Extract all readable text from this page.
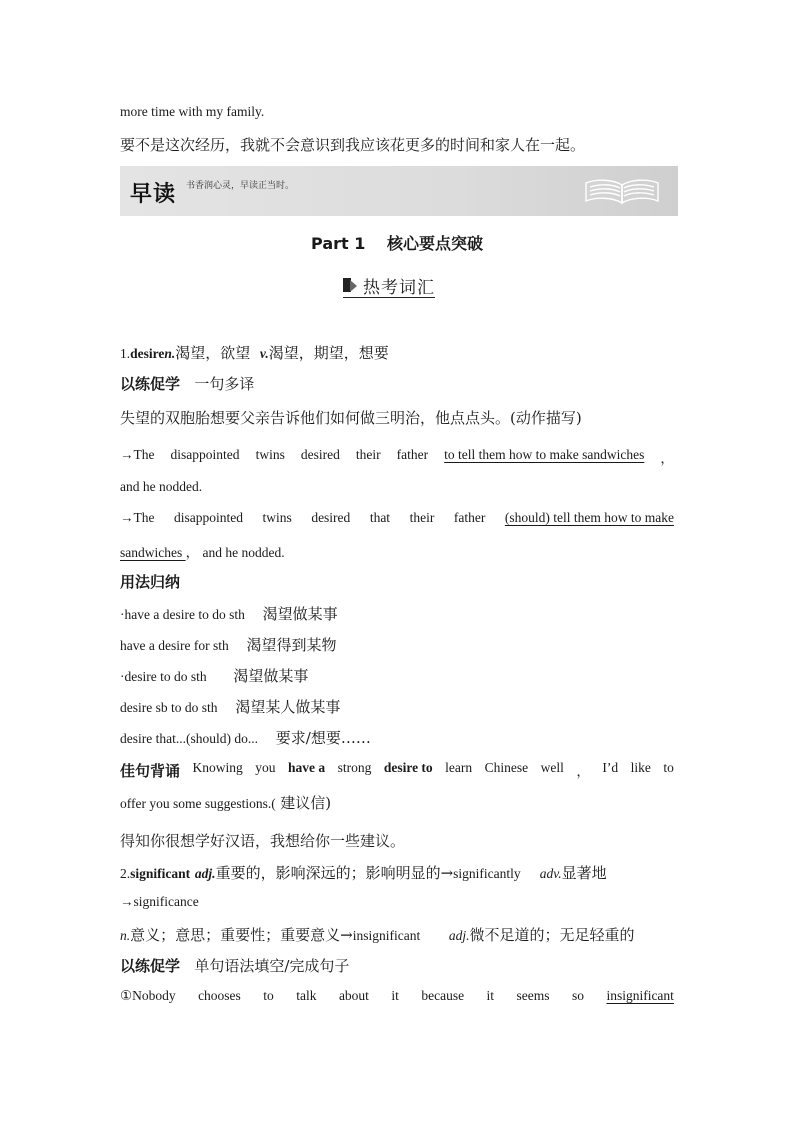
more time with my family.
要不是这次经历，我就不会意识到我应该花更多的时间和家人在一起。
早读 书香润心灵，早读正当时。
Part 1　 核心要点突破
热考词汇
1.desiren.渴望，欲望 v.渴望，期望，想要
以练促学 一句多译
失望的双胞胎想要父亲告诉他们如何做三明治，他点点头。(动作描写)
→The disappointed twins desired their father to tell them how to make sandwiches ，
and he nodded.
→The disappointed twins desired that their father (should) tell them how to make
sandwiches ， and he nodded.
用法归纳
·have a desire to do sth 渴望做某事
have a desire for sth 渴望得到某物
·desire to do sth 渴望做某事
desire sb to do sth 渴望某人做某事
desire that...(should) do... 要求/想要……
佳句背诵 Knowing you have a strong desire to learn Chinese well ， I’d like to
offer you some suggestions.( 建议信)
得知你很想学好汉语，我想给你一些建议。
2.significant adj.重要的，影响深远的；影响明显的→significantly adv.显著地
→significance
n.意义；意思；重要性；重要意义→insignificant adj.微不足道的；无足轻重的
以练促学 单句语法填空/完成句子
①Nobody chooses to talk about it because it seems so insignificant
